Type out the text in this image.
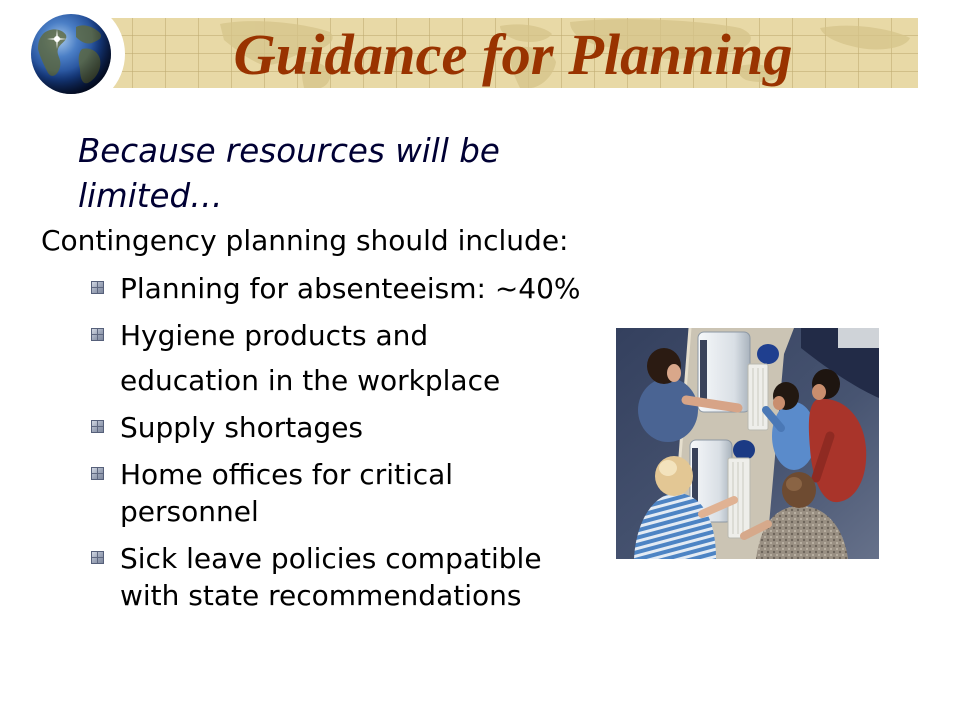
Guidance for Planning
Because resources will be limited…
Contingency planning should include:
Planning for absenteeism: ~40%
Hygiene products and
education in the workplace
Supply shortages
Home offices for critical
personnel
Sick leave policies compatible
with state recommendations
